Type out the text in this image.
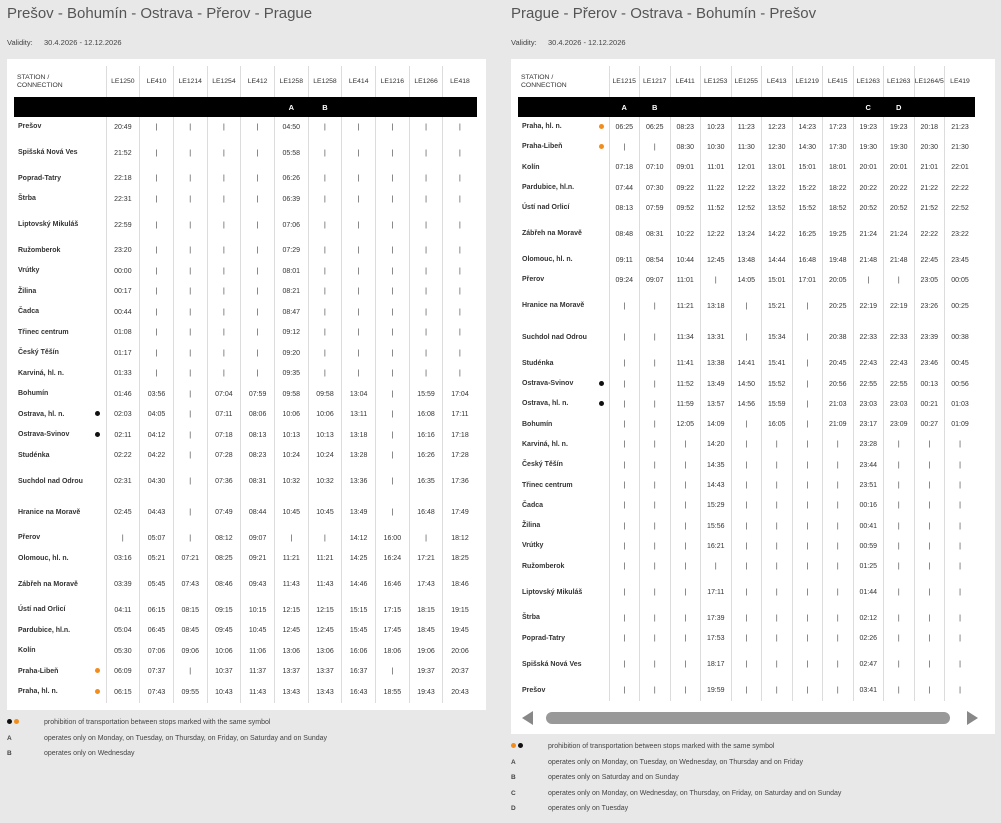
Prešov - Bohumín - Ostrava - Přerov - Prague
Validity: 30.4.2026 - 12.12.2026
STATION / CONNECTION		LE1250	LE410	LE1214	LE1254	LE412	LE1258	LE1258	LE414	LE1216	LE1266	LE418
							A	B				
Prešov		20:49	|	|	|	|	04:50	|	|	|	|	|
Spišská Nová Ves		21:52	|	|	|	|	05:58	|	|	|	|	|
Poprad-Tatry		22:18	|	|	|	|	06:26	|	|	|	|	|
Štrba		22:31	|	|	|	|	06:39	|	|	|	|	|
Liptovský Mikuláš		22:59	|	|	|	|	07:06	|	|	|	|	|
Ružomberok		23:20	|	|	|	|	07:29	|	|	|	|	|
Vrútky		00:00	|	|	|	|	08:01	|	|	|	|	|
Žilina		00:17	|	|	|	|	08:21	|	|	|	|	|
Čadca		00:44	|	|	|	|	08:47	|	|	|	|	|
Třinec centrum		01:08	|	|	|	|	09:12	|	|	|	|	|
Český Těšín		01:17	|	|	|	|	09:20	|	|	|	|	|
Karviná, hl. n.		01:33	|	|	|	|	09:35	|	|	|	|	|
Bohumín		01:46	03:56	|	07:04	07:59	09:58	09:58	13:04	|	15:59	17:04
Ostrava, hl. n.		02:03	04:05	|	07:11	08:06	10:06	10:06	13:11	|	16:08	17:11
Ostrava-Svinov		02:11	04:12	|	07:18	08:13	10:13	10:13	13:18	|	16:16	17:18
Studénka		02:22	04:22	|	07:28	08:23	10:24	10:24	13:28	|	16:26	17:28
Suchdol nad Odrou		02:31	04:30	|	07:36	08:31	10:32	10:32	13:36	|	16:35	17:36
Hranice na Moravě		02:45	04:43	|	07:49	08:44	10:45	10:45	13:49	|	16:48	17:49
Přerov		|	05:07	|	08:12	09:07	|	|	14:12	16:00	|	18:12
Olomouc, hl. n.		03:16	05:21	07:21	08:25	09:21	11:21	11:21	14:25	16:24	17:21	18:25
Zábřeh na Moravě		03:39	05:45	07:43	08:46	09:43	11:43	11:43	14:46	16:46	17:43	18:46
Ústí nad Orlicí		04:11	06:15	08:15	09:15	10:15	12:15	12:15	15:15	17:15	18:15	19:15
Pardubice, hl.n.		05:04	06:45	08:45	09:45	10:45	12:45	12:45	15:45	17:45	18:45	19:45
Kolín		05:30	07:06	09:06	10:06	11:06	13:06	13:06	16:06	18:06	19:06	20:06
Praha-Libeň		06:09	07:37	|	10:37	11:37	13:37	13:37	16:37	|	19:37	20:37
Praha, hl. n.		06:15	07:43	09:55	10:43	11:43	13:43	13:43	16:43	18:55	19:43	20:43
prohibition of transportation between stops marked with the same symbol
A	operates only on Monday, on Tuesday, on Thursday, on Friday, on Saturday and on Sunday
B	operates only on Wednesday
Prague - Přerov - Ostrava - Bohumín - Prešov
Validity: 30.4.2026 - 12.12.2026
STATION / CONNECTION		LE1215	LE1217	LE411	LE1253	LE1255	LE413	LE1219	LE415	LE1263	LE1263	LE1264/5	LE419
		A	B							C	D		
Praha, hl. n.		06:25	06:25	08:23	10:23	11:23	12:23	14:23	17:23	19:23	19:23	20:18	21:23
Praha-Libeň		|	|	08:30	10:30	11:30	12:30	14:30	17:30	19:30	19:30	20:30	21:30
Kolín		07:18	07:10	09:01	11:01	12:01	13:01	15:01	18:01	20:01	20:01	21:01	22:01
Pardubice, hl.n.		07:44	07:30	09:22	11:22	12:22	13:22	15:22	18:22	20:22	20:22	21:22	22:22
Ústí nad Orlicí		08:13	07:59	09:52	11:52	12:52	13:52	15:52	18:52	20:52	20:52	21:52	22:52
Zábřeh na Moravě		08:48	08:31	10:22	12:22	13:24	14:22	16:25	19:25	21:24	21:24	22:22	23:22
Olomouc, hl. n.		09:11	08:54	10:44	12:45	13:48	14:44	16:48	19:48	21:48	21:48	22:45	23:45
Přerov		09:24	09:07	11:01	|	14:05	15:01	17:01	20:05	|	|	23:05	00:05
Hranice na Moravě		|	|	11:21	13:18	|	15:21	|	20:25	22:19	22:19	23:26	00:25
Suchdol nad Odrou		|	|	11:34	13:31	|	15:34	|	20:38	22:33	22:33	23:39	00:38
Studénka		|	|	11:41	13:38	14:41	15:41	|	20:45	22:43	22:43	23:46	00:45
Ostrava-Svinov		|	|	11:52	13:49	14:50	15:52	|	20:56	22:55	22:55	00:13	00:56
Ostrava, hl. n.		|	|	11:59	13:57	14:56	15:59	|	21:03	23:03	23:03	00:21	01:03
Bohumín		|	|	12:05	14:09	|	16:05	|	21:09	23:17	23:09	00:27	01:09
Karviná, hl. n.		|	|	|	14:20	|	|	|	|	23:28	|	|	|
Český Těšín		|	|	|	14:35	|	|	|	|	23:44	|	|	|
Třinec centrum		|	|	|	14:43	|	|	|	|	23:51	|	|	|
Čadca		|	|	|	15:29	|	|	|	|	00:16	|	|	|
Žilina		|	|	|	15:56	|	|	|	|	00:41	|	|	|
Vrútky		|	|	|	16:21	|	|	|	|	00:59	|	|	|
Ružomberok		|	|	|	|	|	|	|	|	01:25	|	|	|
Liptovský Mikuláš		|	|	|	17:11	|	|	|	|	01:44	|	|	|
Štrba		|	|	|	17:39	|	|	|	|	02:12	|	|	|
Poprad-Tatry		|	|	|	17:53	|	|	|	|	02:26	|	|	|
Spišská Nová Ves		|	|	|	18:17	|	|	|	|	02:47	|	|	|
Prešov		|	|	|	19:59	|	|	|	|	03:41	|	|	|
prohibition of transportation between stops marked with the same symbol
A	operates only on Monday, on Tuesday, on Wednesday, on Thursday and on Friday
B	operates only on Saturday and on Sunday
C	operates only on Monday, on Wednesday, on Thursday, on Friday, on Saturday and on Sunday
D	operates only on Tuesday
